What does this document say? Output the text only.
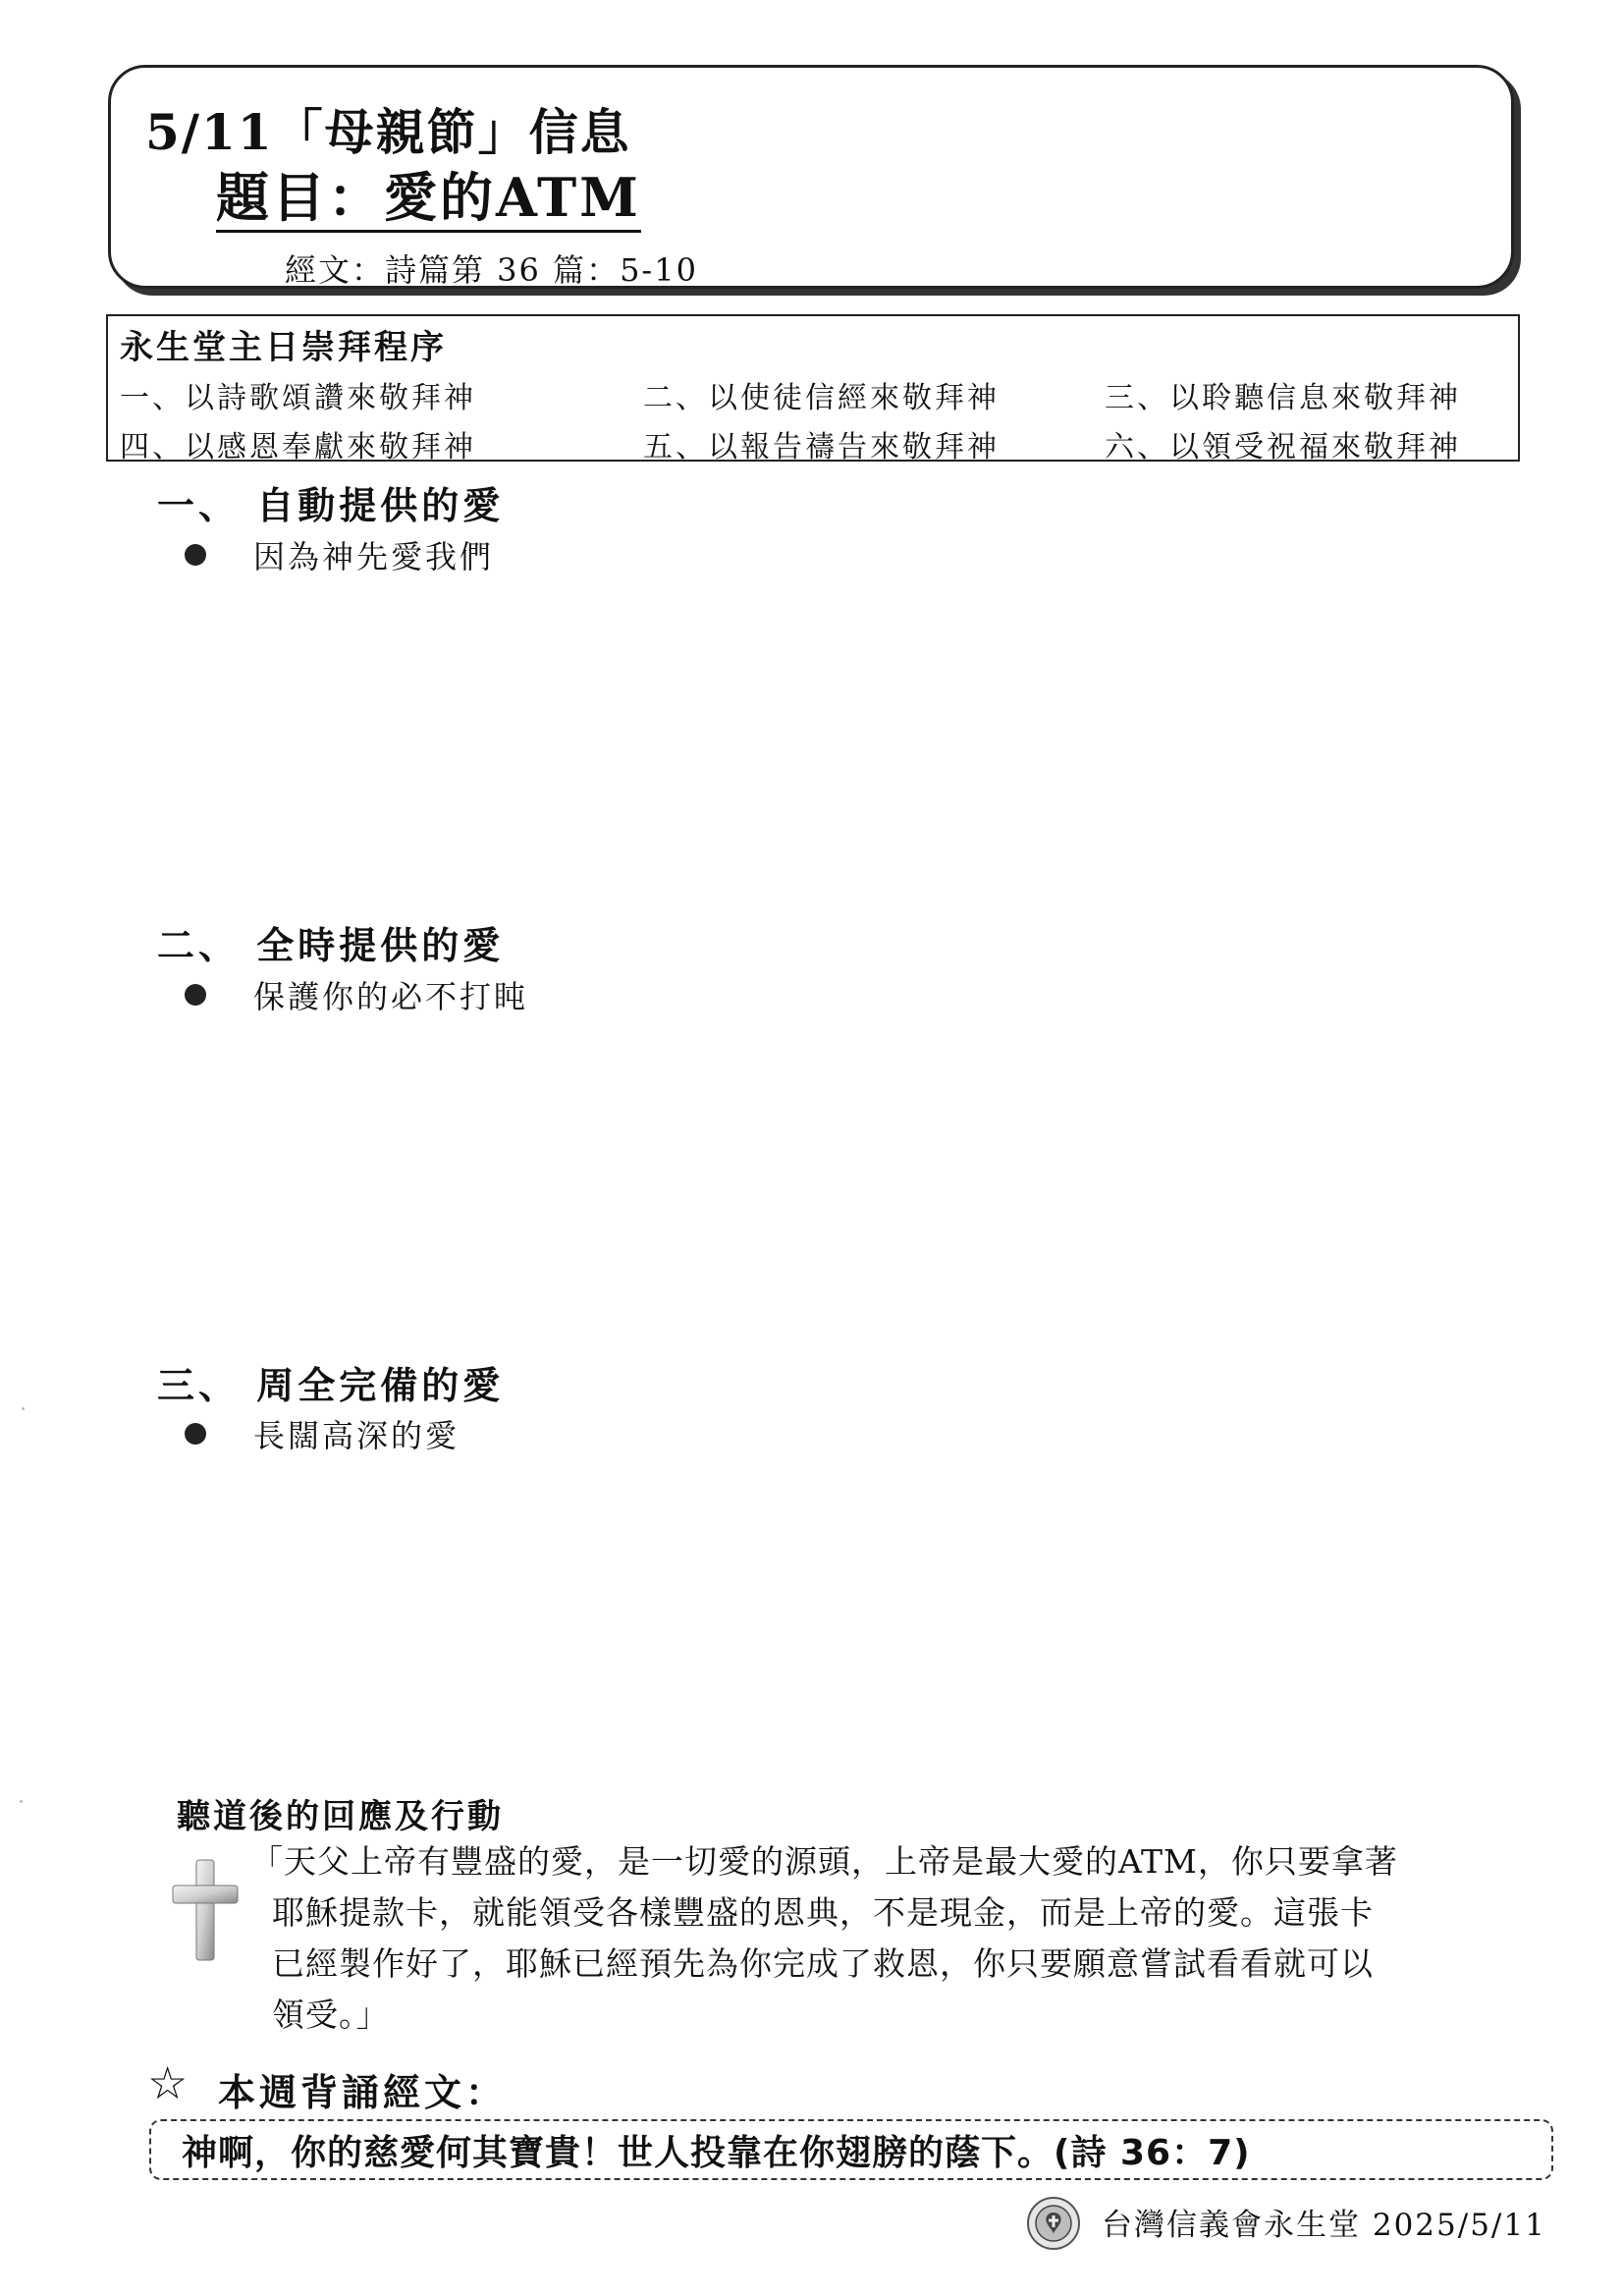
5/11「母親節」信息
題目：愛的ATM
經文：詩篇第 36 篇：5-10
永生堂主日崇拜程序
一、以詩歌頌讚來敬拜神	二、以使徒信經來敬拜神	三、以聆聽信息來敬拜神
四、以感恩奉獻來敬拜神	五、以報告禱告來敬拜神	六、以領受祝福來敬拜神
一、 自動提供的愛
因為神先愛我們
二、 全時提供的愛
保護你的必不打盹
三、 周全完備的愛
長闊高深的愛
聽道後的回應及行動
「天父上帝有豐盛的愛，是一切愛的源頭，上帝是最大愛的ATM，你只要拿著
耶穌提款卡，就能領受各樣豐盛的恩典，不是現金，而是上帝的愛。這張卡
已經製作好了，耶穌已經預先為你完成了救恩，你只要願意嘗試看看就可以
領受。」
☆ 本週背誦經文：
神啊，你的慈愛何其寶貴！世人投靠在你翅膀的蔭下。(詩 36：7)
台灣信義會永生堂 2025/5/11
